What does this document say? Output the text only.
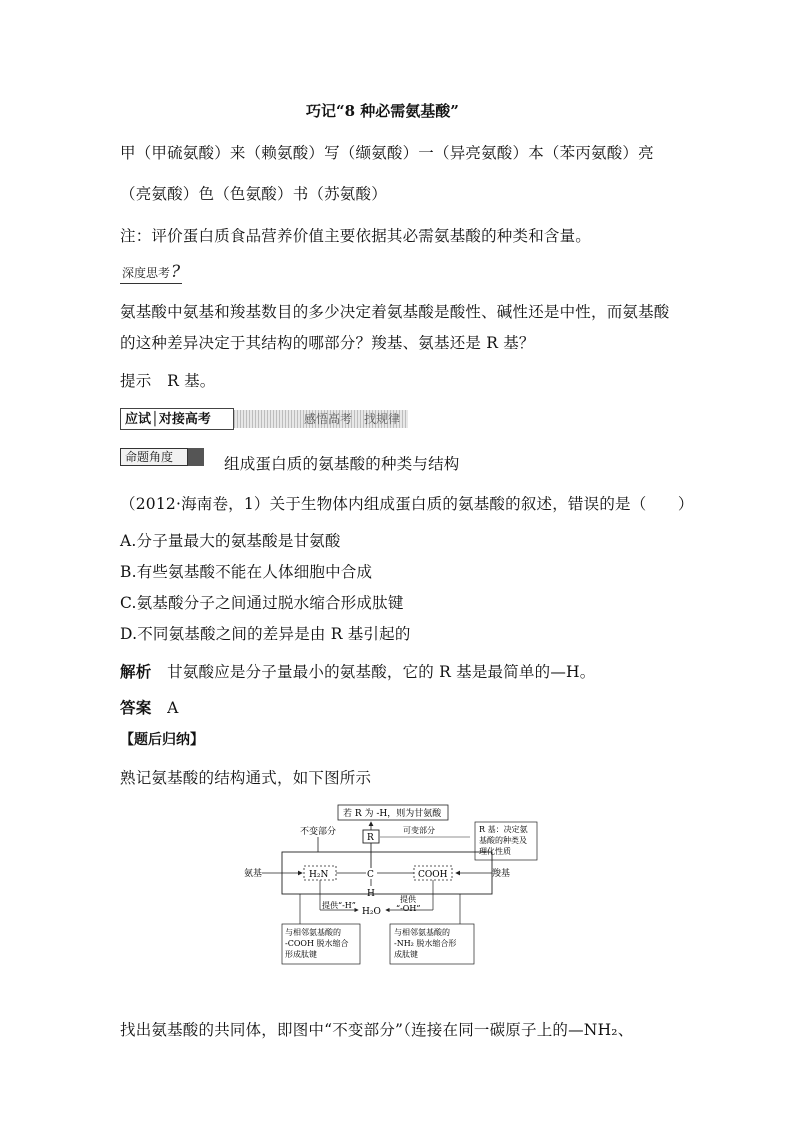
巧记“8 种必需氨基酸”
甲（甲硫氨酸）来（赖氨酸）写（缬氨酸）一（异亮氨酸）本（苯丙氨酸）亮
（亮氨酸）色（色氨酸）书（苏氨酸）
注：评价蛋白质食品营养价值主要依据其必需氨基酸的种类和含量。
深度思考?
氨基酸中氨基和羧基数目的多少决定着氨基酸是酸性、碱性还是中性，而氨基酸
的这种差异决定于其结构的哪部分？羧基、氨基还是 R 基？
提示　R 基。
应试│对接高考	感悟高考　找规律
命题角度	组成蛋白质的氨基酸的种类与结构
（2012·海南卷，1）关于生物体内组成蛋白质的氨基酸的叙述，错误的是（　　）
A.分子量最大的氨基酸是甘氨酸
B.有些氨基酸不能在人体细胞中合成
C.氨基酸分子之间通过脱水缩合形成肽键
D.不同氨基酸之间的差异是由 R 基引起的
解析　 甘氨酸应是分子量最小的氨基酸，它的 R 基是最简单的—H。
答案　 A
【题后归纳】
熟记氨基酸的结构通式，如下图所示
若 R 为 -H，则为甘氨酸
不变部分
R
可变部分	R 基：决定氨
基酸的种类及
理化性质
氨基	H₂N	C	COOH	羧基
H
提供“-H”
提供
“-OH”
H₂O
与相邻氨基酸的
-COOH 脱水缩合
形成肽键
与相邻氨基酸的
-NH₂ 脱水缩合形
成肽键
找出氨基酸的共同体，即图中“不变部分”（连接在同一碳原子上的—NH₂、
